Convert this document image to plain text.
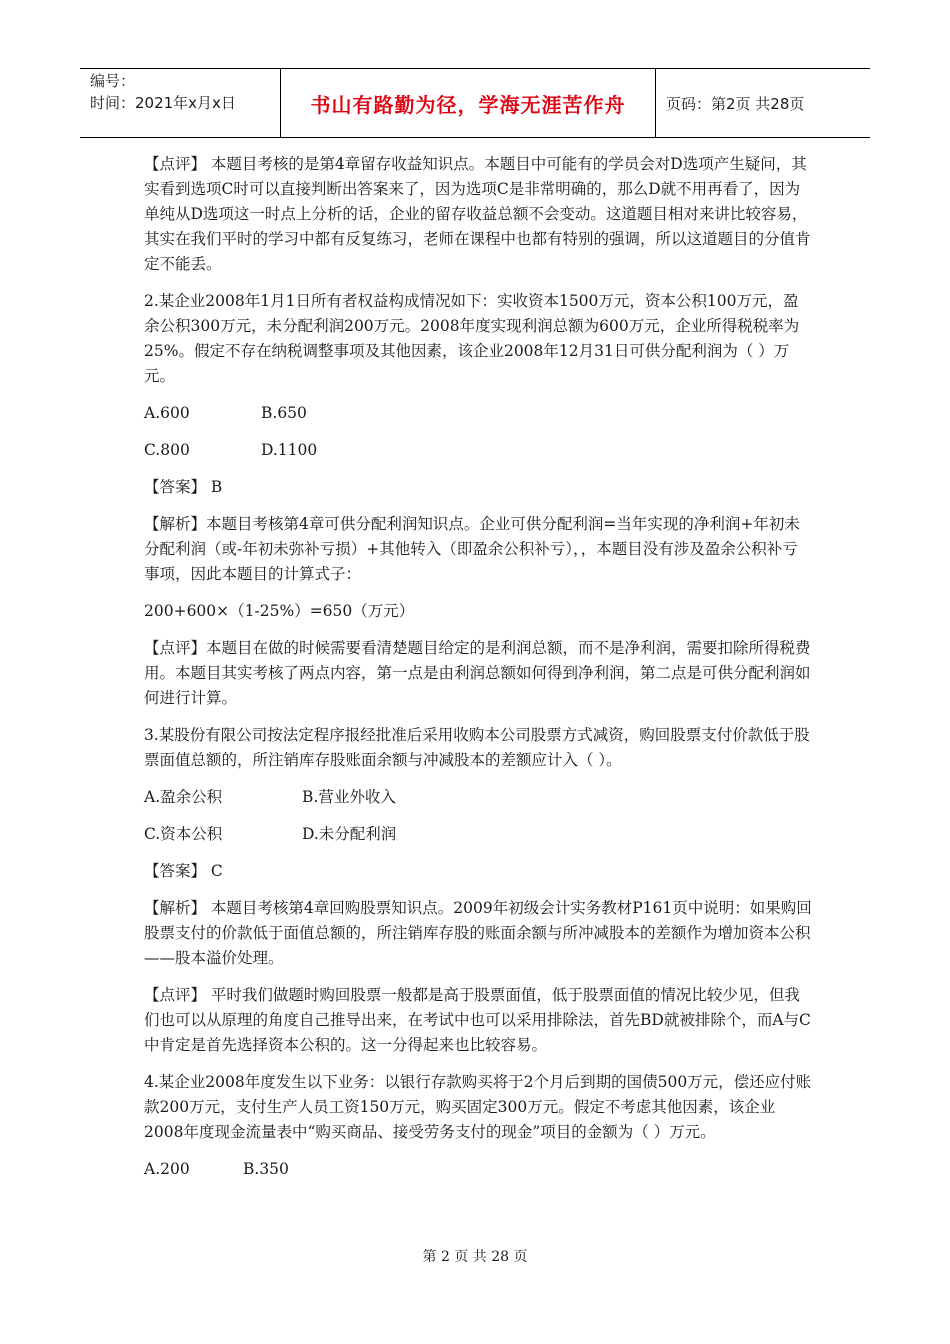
编号：
时间：2021年x月x日	书山有路勤为径，学海无涯苦作舟	页码：第2页 共28页

【点评】 本题目考核的是第4章留存收益知识点。本题目中可能有的学员会对D选项产生疑问，其实看到选项C时可以直接判断出答案来了，因为选项C是非常明确的，那么D就不用再看了，因为单纯从D选项这一时点上分析的话，企业的留存收益总额不会变动。这道题目相对来讲比较容易，其实在我们平时的学习中都有反复练习，老师在课程中也都有特别的强调，所以这道题目的分值肯定不能丢。

2.某企业2008年1月1日所有者权益构成情况如下：实收资本1500万元，资本公积100万元，盈余公积300万元，未分配利润200万元。2008年度实现利润总额为600万元，企业所得税税率为25%。假定不存在纳税调整事项及其他因素，该企业2008年12月31日可供分配利润为（ ）万元。

A.600	B.650
C.800	D.1100

【答案】 B

【解析】本题目考核第4章可供分配利润知识点。企业可供分配利润=当年实现的净利润+年初未分配利润（或-年初未弥补亏损）+其他转入（即盈余公积补亏），，本题目没有涉及盈余公积补亏事项，因此本题目的计算式子：

200+600×（1-25%）=650（万元）

【点评】本题目在做的时候需要看清楚题目给定的是利润总额，而不是净利润，需要扣除所得税费用。本题目其实考核了两点内容，第一点是由利润总额如何得到净利润，第二点是可供分配利润如何进行计算。

3.某股份有限公司按法定程序报经批准后采用收购本公司股票方式减资，购回股票支付价款低于股票面值总额的，所注销库存股账面余额与冲减股本的差额应计入（ ）。

A.盈余公积	B.营业外收入
C.资本公积	D.未分配利润

【答案】 C

【解析】 本题目考核第4章回购股票知识点。2009年初级会计实务教材P161页中说明：如果购回股票支付的价款低于面值总额的，所注销库存股的账面余额与所冲减股本的差额作为增加资本公积——股本溢价处理。

【点评】 平时我们做题时购回股票一般都是高于股票面值，低于股票面值的情况比较少见，但我们也可以从原理的角度自己推导出来，在考试中也可以采用排除法，首先BD就被排除个，而A与C中肯定是首先选择资本公积的。这一分得起来也比较容易。

4.某企业2008年度发生以下业务：以银行存款购买将于2个月后到期的国债500万元，偿还应付账款200万元，支付生产人员工资150万元，购买固定300万元。假定不考虑其他因素，该企业2008年度现金流量表中“购买商品、接受劳务支付的现金”项目的金额为（ ）万元。

A.200	B.350
第 2 页 共 28 页
